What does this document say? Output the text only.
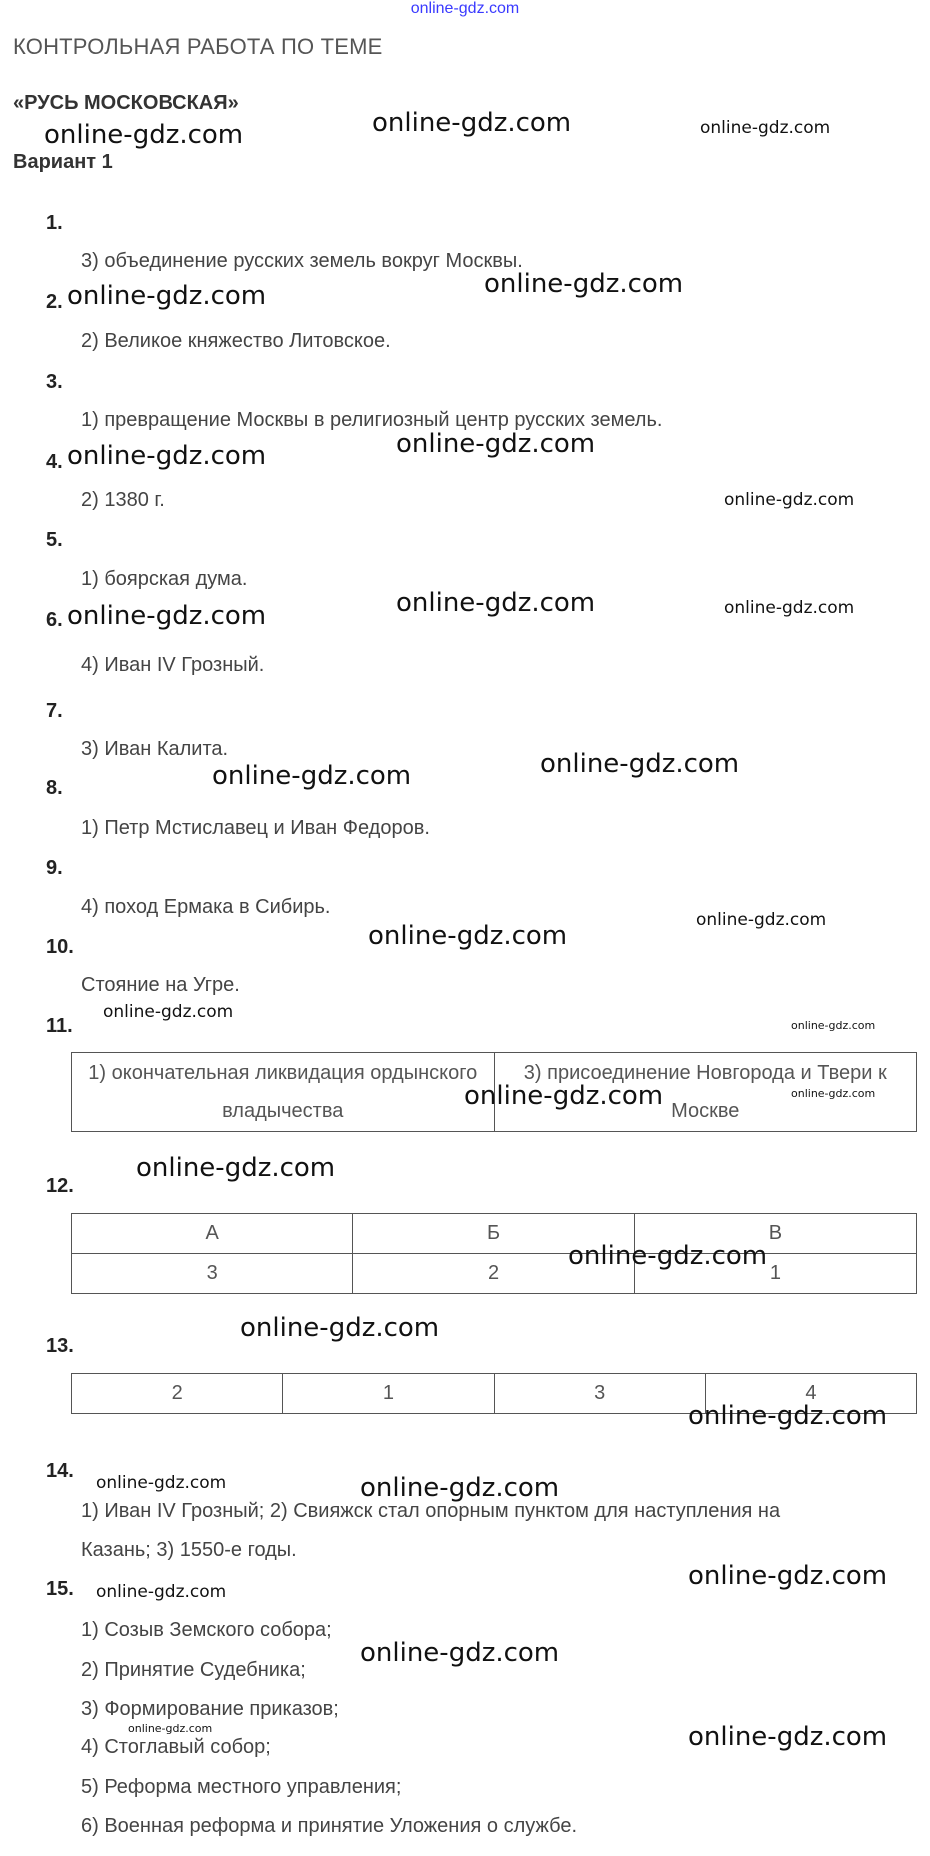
online-gdz.com
КОНТРОЛЬНАЯ РАБОТА ПО ТЕМЕ
«РУСЬ МОСКОВСКАЯ»
Вариант 1
1.
3) объединение русских земель вокруг Москвы.
2.
2) Великое княжество Литовское.
3.
1) превращение Москвы в религиозный центр русских земель.
4.
2) 1380 г.
5.
1) боярская дума.
6.
4) Иван IV Грозный.
7.
3) Иван Калита.
8.
1) Петр Мстиславец и Иван Федоров.
9.
4) поход Ермака в Сибирь.
10.
Стояние на Угре.
11.
1) окончательная ликвидация ордынского владычества	3) присоединение Новгорода и Твери к Москве
12.
А	Б	В
3	2	1
13.
2	1	3	4
14.
1) Иван IV Грозный; 2) Свияжск стал опорным пунктом для наступления на
Казань; 3) 1550-е годы.
15.
1) Созыв Земского собора;
2) Принятие Судебника;
3) Формирование приказов;
4) Стоглавый собор;
5) Реформа местного управления;
6) Военная реформа и принятие Уложения о службе.
online-gdz.com	online-gdz.com	online-gdz.com
online-gdz.com	online-gdz.com
online-gdz.com	online-gdz.com
online-gdz.com
online-gdz.com	online-gdz.com	online-gdz.com
online-gdz.com	online-gdz.com
online-gdz.com
online-gdz.com
online-gdz.com
online-gdz.com
online-gdz.com	online-gdz.com
online-gdz.com
online-gdz.com
online-gdz.com
online-gdz.com
online-gdz.com	online-gdz.com
online-gdz.com
online-gdz.com
online-gdz.com
online-gdz.com	online-gdz.com
